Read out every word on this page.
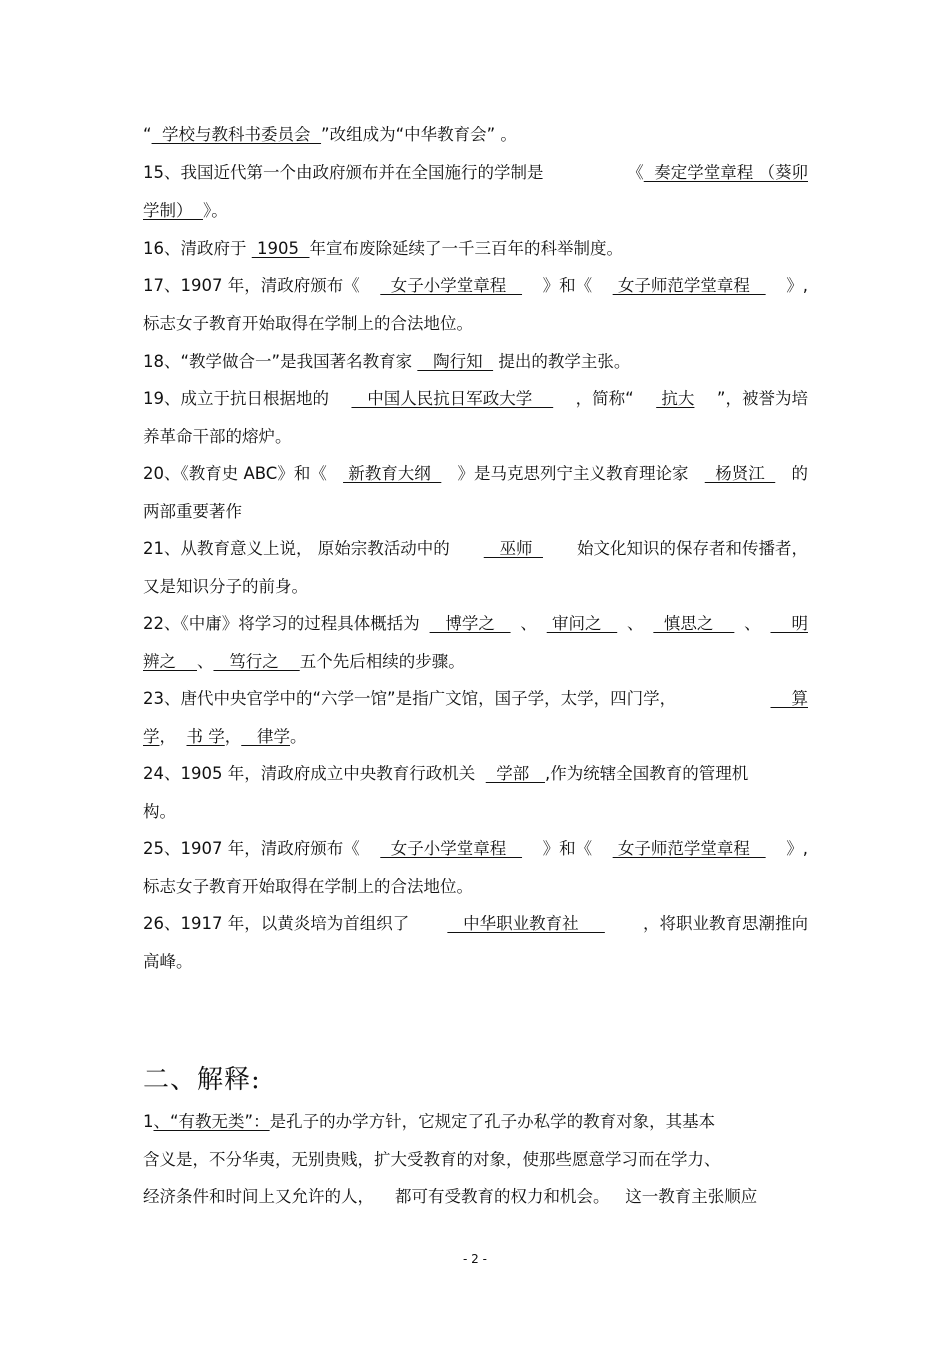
“  学校与教科书委员会  ”改组成为“中华教育会” 。
15、我国近代第一个由政府颁布并在全国施行的学制是	《  奏定学堂章程 （葵卯
学制）  》。
16、清政府于  1905  年宣布废除延续了一千三百年的科举制度。
17、1907 年，清政府颁布《 女子小学堂章程 》和《 女子师范学堂章程 》,
标志女子教育开始取得在学制上的合法地位。
18、“教学做合一”是我国著名教育家    陶行知   提出的教学主张。
19、成立于抗日根据地的 中国人民抗日军政大学 ，简称“ 抗大 ”，被誉为培
养革命干部的熔炉。
20、《教育史 ABC》和《 新教育大纲 》是马克思列宁主义教育理论家 杨贤江 的
两部重要著作
21、从教育意义上说， 原始宗教活动中的 巫师 始文化知识的保存者和传播者，
又是知识分子的前身。
22、《中庸》将学习的过程具体概括为 博学之 、 审问之 、 慎思之 、 明
辨之    、   笃行之    五个先后相续的步骤。
23、唐代中央官学中的“六学一馆”是指广文馆，国子学，太学，四门学，	算
学，  书 学，   律学。
24、1905 年，清政府成立中央教育行政机关    学部   ,作为统辖全国教育的管理机
构。
25、1907 年，清政府颁布《 女子小学堂章程 》和《 女子师范学堂章程 》,
标志女子教育开始取得在学制上的合法地位。
26、1917 年，以黄炎培为首组织了 中华职业教育社 ，将职业教育思潮推向
高峰。
二、解释:
1、“有教无类”：是孔子的办学方针，它规定了孔子办私学的教育对象，其基本
含义是，不分华夷，无别贵贱，扩大受教育的对象，使那些愿意学习而在学力、
经济条件和时间上又允许的人，    都可有受教育的权力和机会。   这一教育主张顺应
- 2 -
